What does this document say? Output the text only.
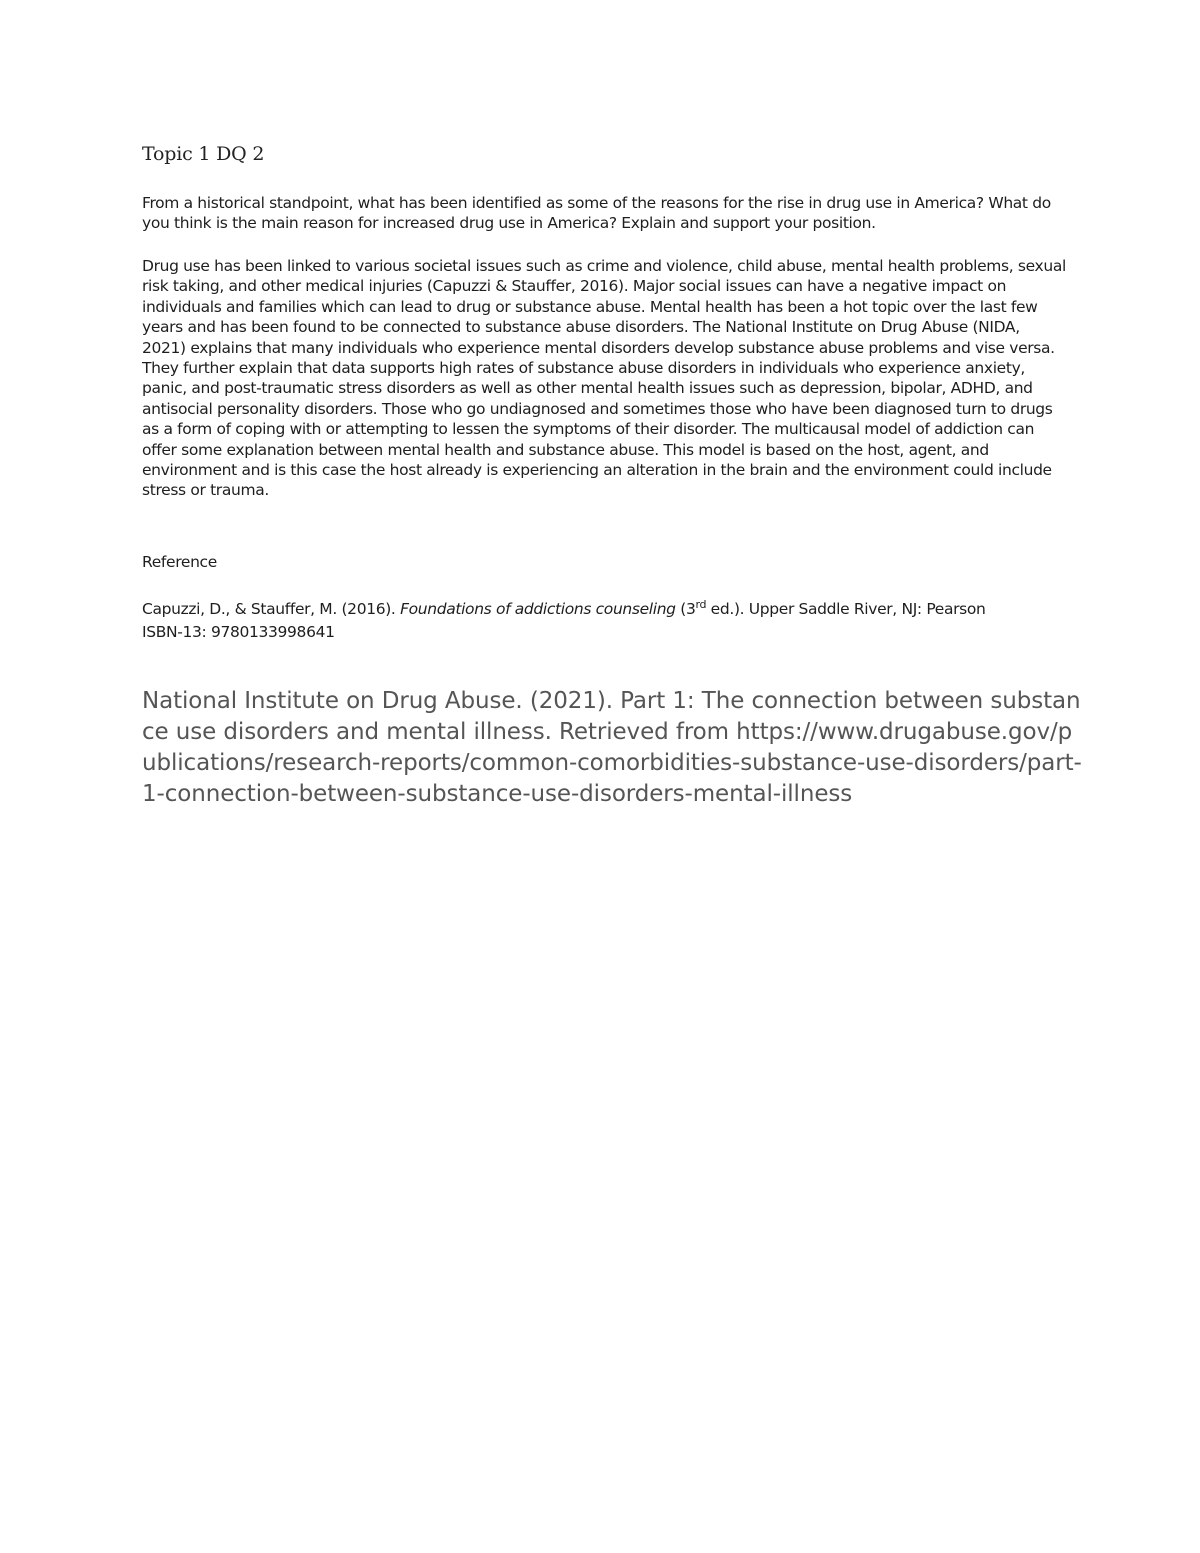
Topic 1 DQ 2
From a historical standpoint, what has been identified as some of the reasons for the rise in drug use in America? What do you think is the main reason for increased drug use in America? Explain and support your position.
Drug use has been linked to various societal issues such as crime and violence, child abuse, mental health problems, sexual risk taking, and other medical injuries (Capuzzi & Stauffer, 2016). Major social issues can have a negative impact on individuals and families which can lead to drug or substance abuse. Mental health has been a hot topic over the last few years and has been found to be connected to substance abuse disorders. The National Institute on Drug Abuse (NIDA, 2021) explains that many individuals who experience mental disorders develop substance abuse problems and vise versa. They further explain that data supports high rates of substance abuse disorders in individuals who experience anxiety, panic, and post-traumatic stress disorders as well as other mental health issues such as depression, bipolar, ADHD, and antisocial personality disorders. Those who go undiagnosed and sometimes those who have been diagnosed turn to drugs as a form of coping with or attempting to lessen the symptoms of their disorder. The multicausal model of addiction can offer some explanation between mental health and substance abuse. This model is based on the host, agent, and environment and is this case the host already is experiencing an alteration in the brain and the environment could include stress or trauma.
Reference
Capuzzi, D., & Stauffer, M. (2016). Foundations of addictions counseling (3rd ed.). Upper Saddle River, NJ: Pearson
ISBN-13: 9780133998641
National Institute on Drug Abuse. (2021). Part 1: The connection between substance use disorders and mental illness. Retrieved from https://www.drugabuse.gov/publications/research-reports/common-comorbidities-substance-use-disorders/part-1-connection-between-substance-use-disorders-mental-illness
